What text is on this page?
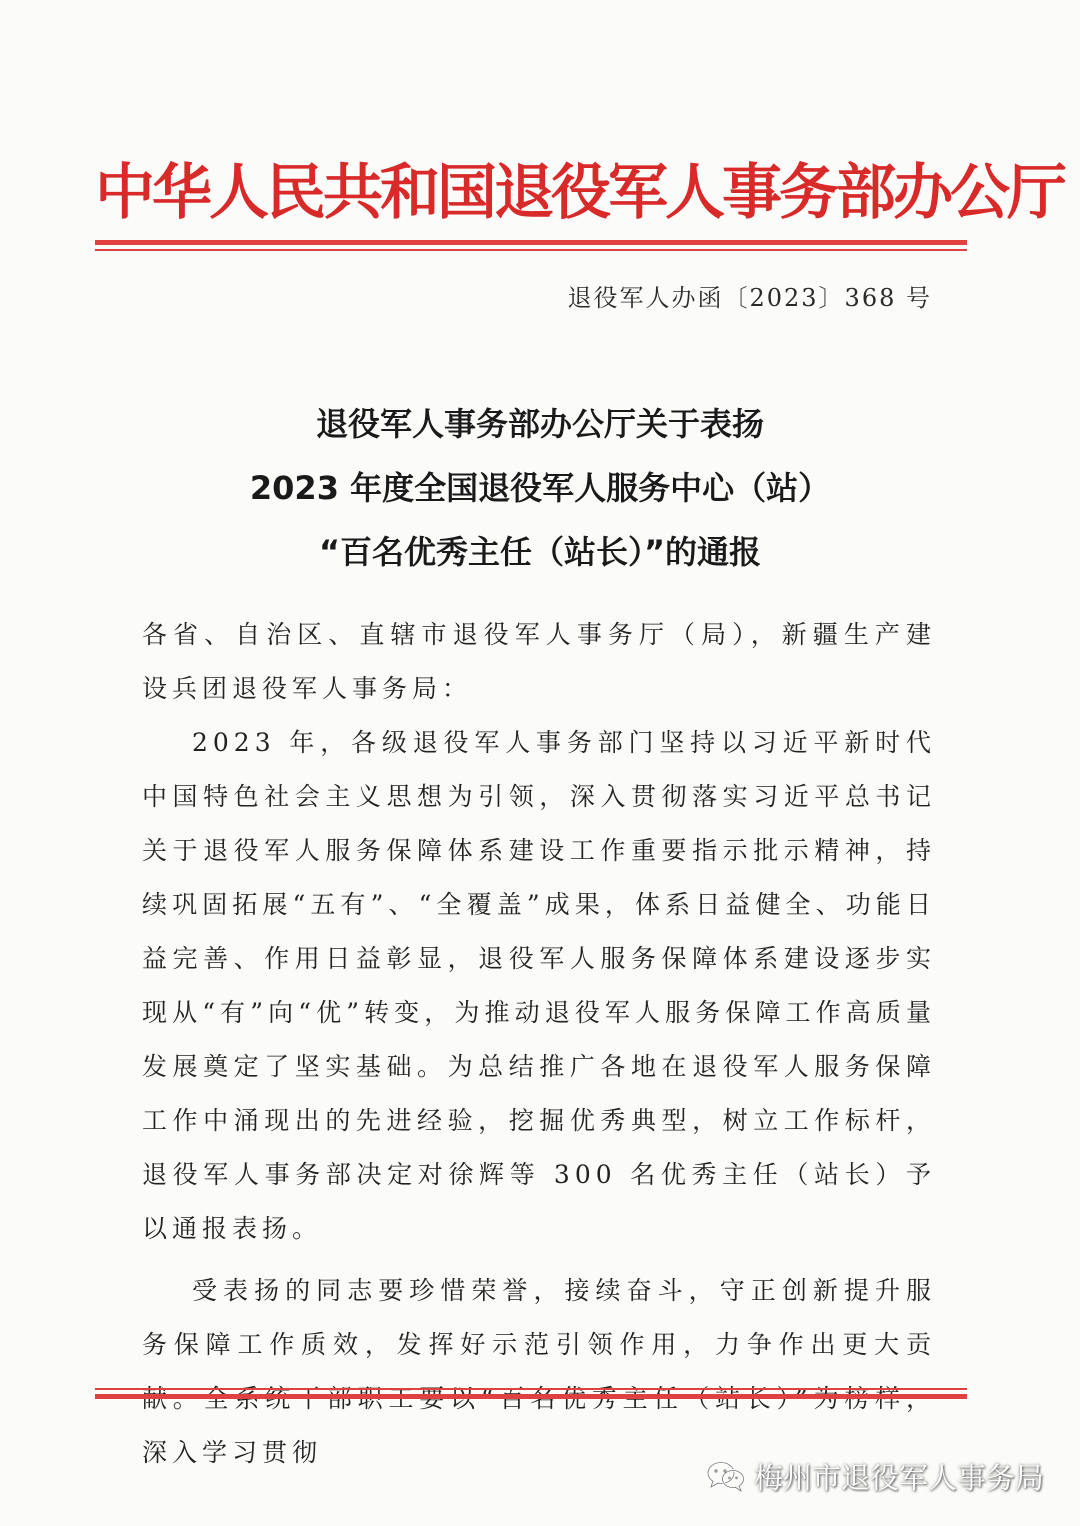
中华人民共和国退役军人事务部办公厅
退役军人办函〔2023〕368 号
退役军人事务部办公厅关于表扬
2023 年度全国退役军人服务中心（站）
“百名优秀主任（站长）”的通报

各省、自治区、直辖市退役军人事务厅（局），新疆生产建设兵团退役军人事务局：

2023 年，各级退役军人事务部门坚持以习近平新时代中国特色社会主义思想为引领，深入贯彻落实习近平总书记关于退役军人服务保障体系建设工作重要指示批示精神，持续巩固拓展“五有”、“全覆盖”成果，体系日益健全、功能日益完善、作用日益彰显，退役军人服务保障体系建设逐步实现从“有”向“优”转变，为推动退役军人服务保障工作高质量发展奠定了坚实基础。为总结推广各地在退役军人服务保障工作中涌现出的先进经验，挖掘优秀典型，树立工作标杆，退役军人事务部决定对徐辉等 300 名优秀主任（站长）予以通报表扬。

受表扬的同志要珍惜荣誉，接续奋斗，守正创新提升服务保障工作质效，发挥好示范引领作用，力争作出更大贡 深入学习贯彻

梅州市退役军人事务局
